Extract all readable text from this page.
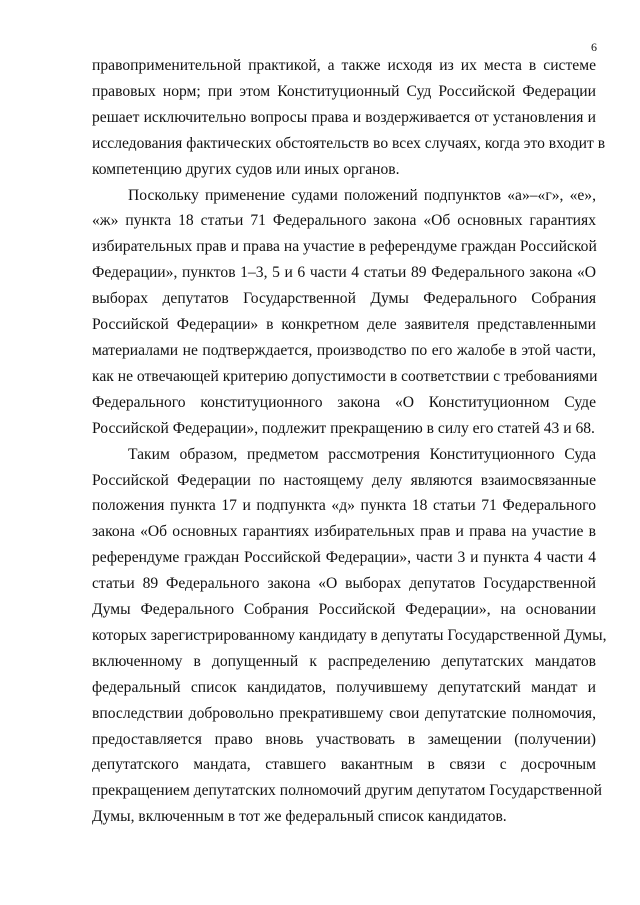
6

правоприменительной практикой, а также исходя из их места в системе
правовых норм; при этом Конституционный Суд Российской Федерации
решает исключительно вопросы права и воздерживается от установления и
исследования фактических обстоятельств во всех случаях, когда это входит в
компетенцию других судов или иных органов.

Поскольку применение судами положений подпунктов «а»–«г», «е»,
«ж» пункта 18 статьи 71 Федерального закона «Об основных гарантиях
избирательных прав и права на участие в референдуме граждан Российской
Федерации», пунктов 1–3, 5 и 6 части 4 статьи 89 Федерального закона «О
выборах депутатов Государственной Думы Федерального Собрания
Российской Федерации» в конкретном деле заявителя представленными
материалами не подтверждается, производство по его жалобе в этой части,
как не отвечающей критерию допустимости в соответствии с требованиями
Федерального конституционного закона «О Конституционном Суде
Российской Федерации», подлежит прекращению в силу его статей 43 и 68.

Таким образом, предметом рассмотрения Конституционного Суда
Российской Федерации по настоящему делу являются взаимосвязанные
положения пункта 17 и подпункта «д» пункта 18 статьи 71 Федерального
закона «Об основных гарантиях избирательных прав и права на участие в
референдуме граждан Российской Федерации», части 3 и пункта 4 части 4
статьи 89 Федерального закона «О выборах депутатов Государственной
Думы Федерального Собрания Российской Федерации», на основании
которых зарегистрированному кандидату в депутаты Государственной Думы,
включенному в допущенный к распределению депутатских мандатов
федеральный список кандидатов, получившему депутатский мандат и
впоследствии добровольно прекратившему свои депутатские полномочия,
предоставляется право вновь участвовать в замещении (получении)
депутатского мандата, ставшего вакантным в связи с досрочным
прекращением депутатских полномочий другим депутатом Государственной
Думы, включенным в тот же федеральный список кандидатов.
